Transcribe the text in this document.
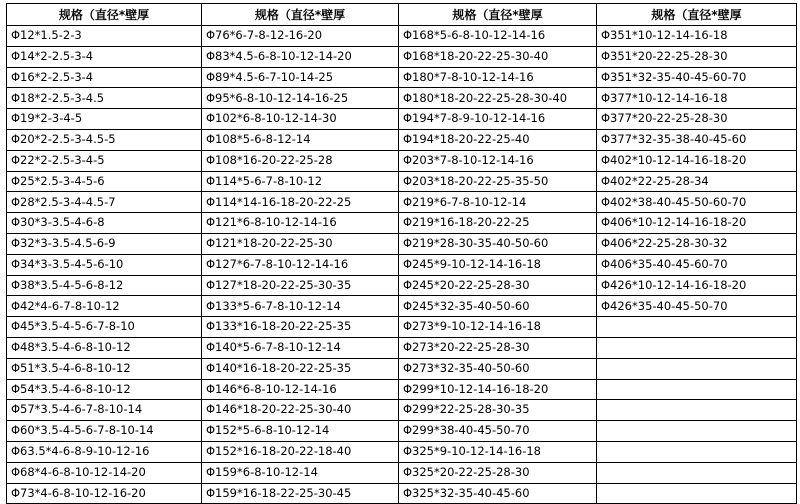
规格（直径*壁厚	规格（直径*壁厚	规格（直径*壁厚	规格（直径*壁厚
Φ12*1.5-2-3	Φ76*6-7-8-12-16-20	Φ168*5-6-8-10-12-14-16	Φ351*10-12-14-16-18
Φ14*2-2.5-3-4	Φ83*4.5-6-8-10-12-14-20	Φ168*18-20-22-25-30-40	Φ351*20-22-25-28-30
Φ16*2-2.5-3-4	Φ89*4.5-6-7-10-14-25	Φ180*7-8-10-12-14-16	Φ351*32-35-40-45-60-70
Φ18*2-2.5-3-4.5	Φ95*6-8-10-12-14-16-25	Φ180*18-20-22-25-28-30-40	Φ377*10-12-14-16-18
Φ19*2-3-4-5	Φ102*6-8-10-12-14-30	Φ194*7-8-9-10-12-14-16	Φ377*20-22-25-28-30
Φ20*2-2.5-3-4.5-5	Φ108*5-6-8-12-14	Φ194*18-20-22-25-40	Φ377*32-35-38-40-45-60
Φ22*2-2.5-3-4-5	Φ108*16-20-22-25-28	Φ203*7-8-10-12-14-16	Φ402*10-12-14-16-18-20
Φ25*2.5-3-4-5-6	Φ114*5-6-7-8-10-12	Φ203*18-20-22-25-35-50	Φ402*22-25-28-34
Φ28*2.5-3-4-4.5-7	Φ114*14-16-18-20-22-25	Φ219*6-7-8-10-12-14	Φ402*38-40-45-50-60-70
Φ30*3-3.5-4-6-8	Φ121*6-8-10-12-14-16	Φ219*16-18-20-22-25	Φ406*10-12-14-16-18-20
Φ32*3-3.5-4.5-6-9	Φ121*18-20-22-25-30	Φ219*28-30-35-40-50-60	Φ406*22-25-28-30-32
Φ34*3-3.5-4-5-6-10	Φ127*6-7-8-10-12-14-16	Φ245*9-10-12-14-16-18	Φ406*35-40-45-60-70
Φ38*3.5-4-5-6-8-12	Φ127*18-20-22-25-30-35	Φ245*20-22-25-28-30	Φ426*10-12-14-16-18-20
Φ42*4-6-7-8-10-12	Φ133*5-6-7-8-10-12-14	Φ245*32-35-40-50-60	Φ426*35-40-45-50-70
Φ45*3.5-4-5-6-7-8-10	Φ133*16-18-20-22-25-35	Φ273*9-10-12-14-16-18	
Φ48*3.5-4-6-8-10-12	Φ140*5-6-7-8-10-12-14	Φ273*20-22-25-28-30	
Φ51*3.5-4-6-8-10-12	Φ140*16-18-20-22-25-35	Φ273*32-35-40-50-60	
Φ54*3.5-4-6-8-10-12	Φ146*6-8-10-12-14-16	Φ299*10-12-14-16-18-20	
Φ57*3.5-4-6-7-8-10-14	Φ146*18-20-22-25-30-40	Φ299*22-25-28-30-35	
Φ60*3.5-4-5-6-7-8-10-14	Φ152*5-6-8-10-12-14	Φ299*38-40-45-50-70	
Φ63.5*4-6-8-9-10-12-16	Φ152*16-18-20-22-18-40	Φ325*9-10-12-14-16-18	
Φ68*4-6-8-10-12-14-20	Φ159*6-8-10-12-14	Φ325*20-22-25-28-30	
Φ73*4-6-8-10-12-16-20	Φ159*16-18-22-25-30-45	Φ325*32-35-40-45-60	
